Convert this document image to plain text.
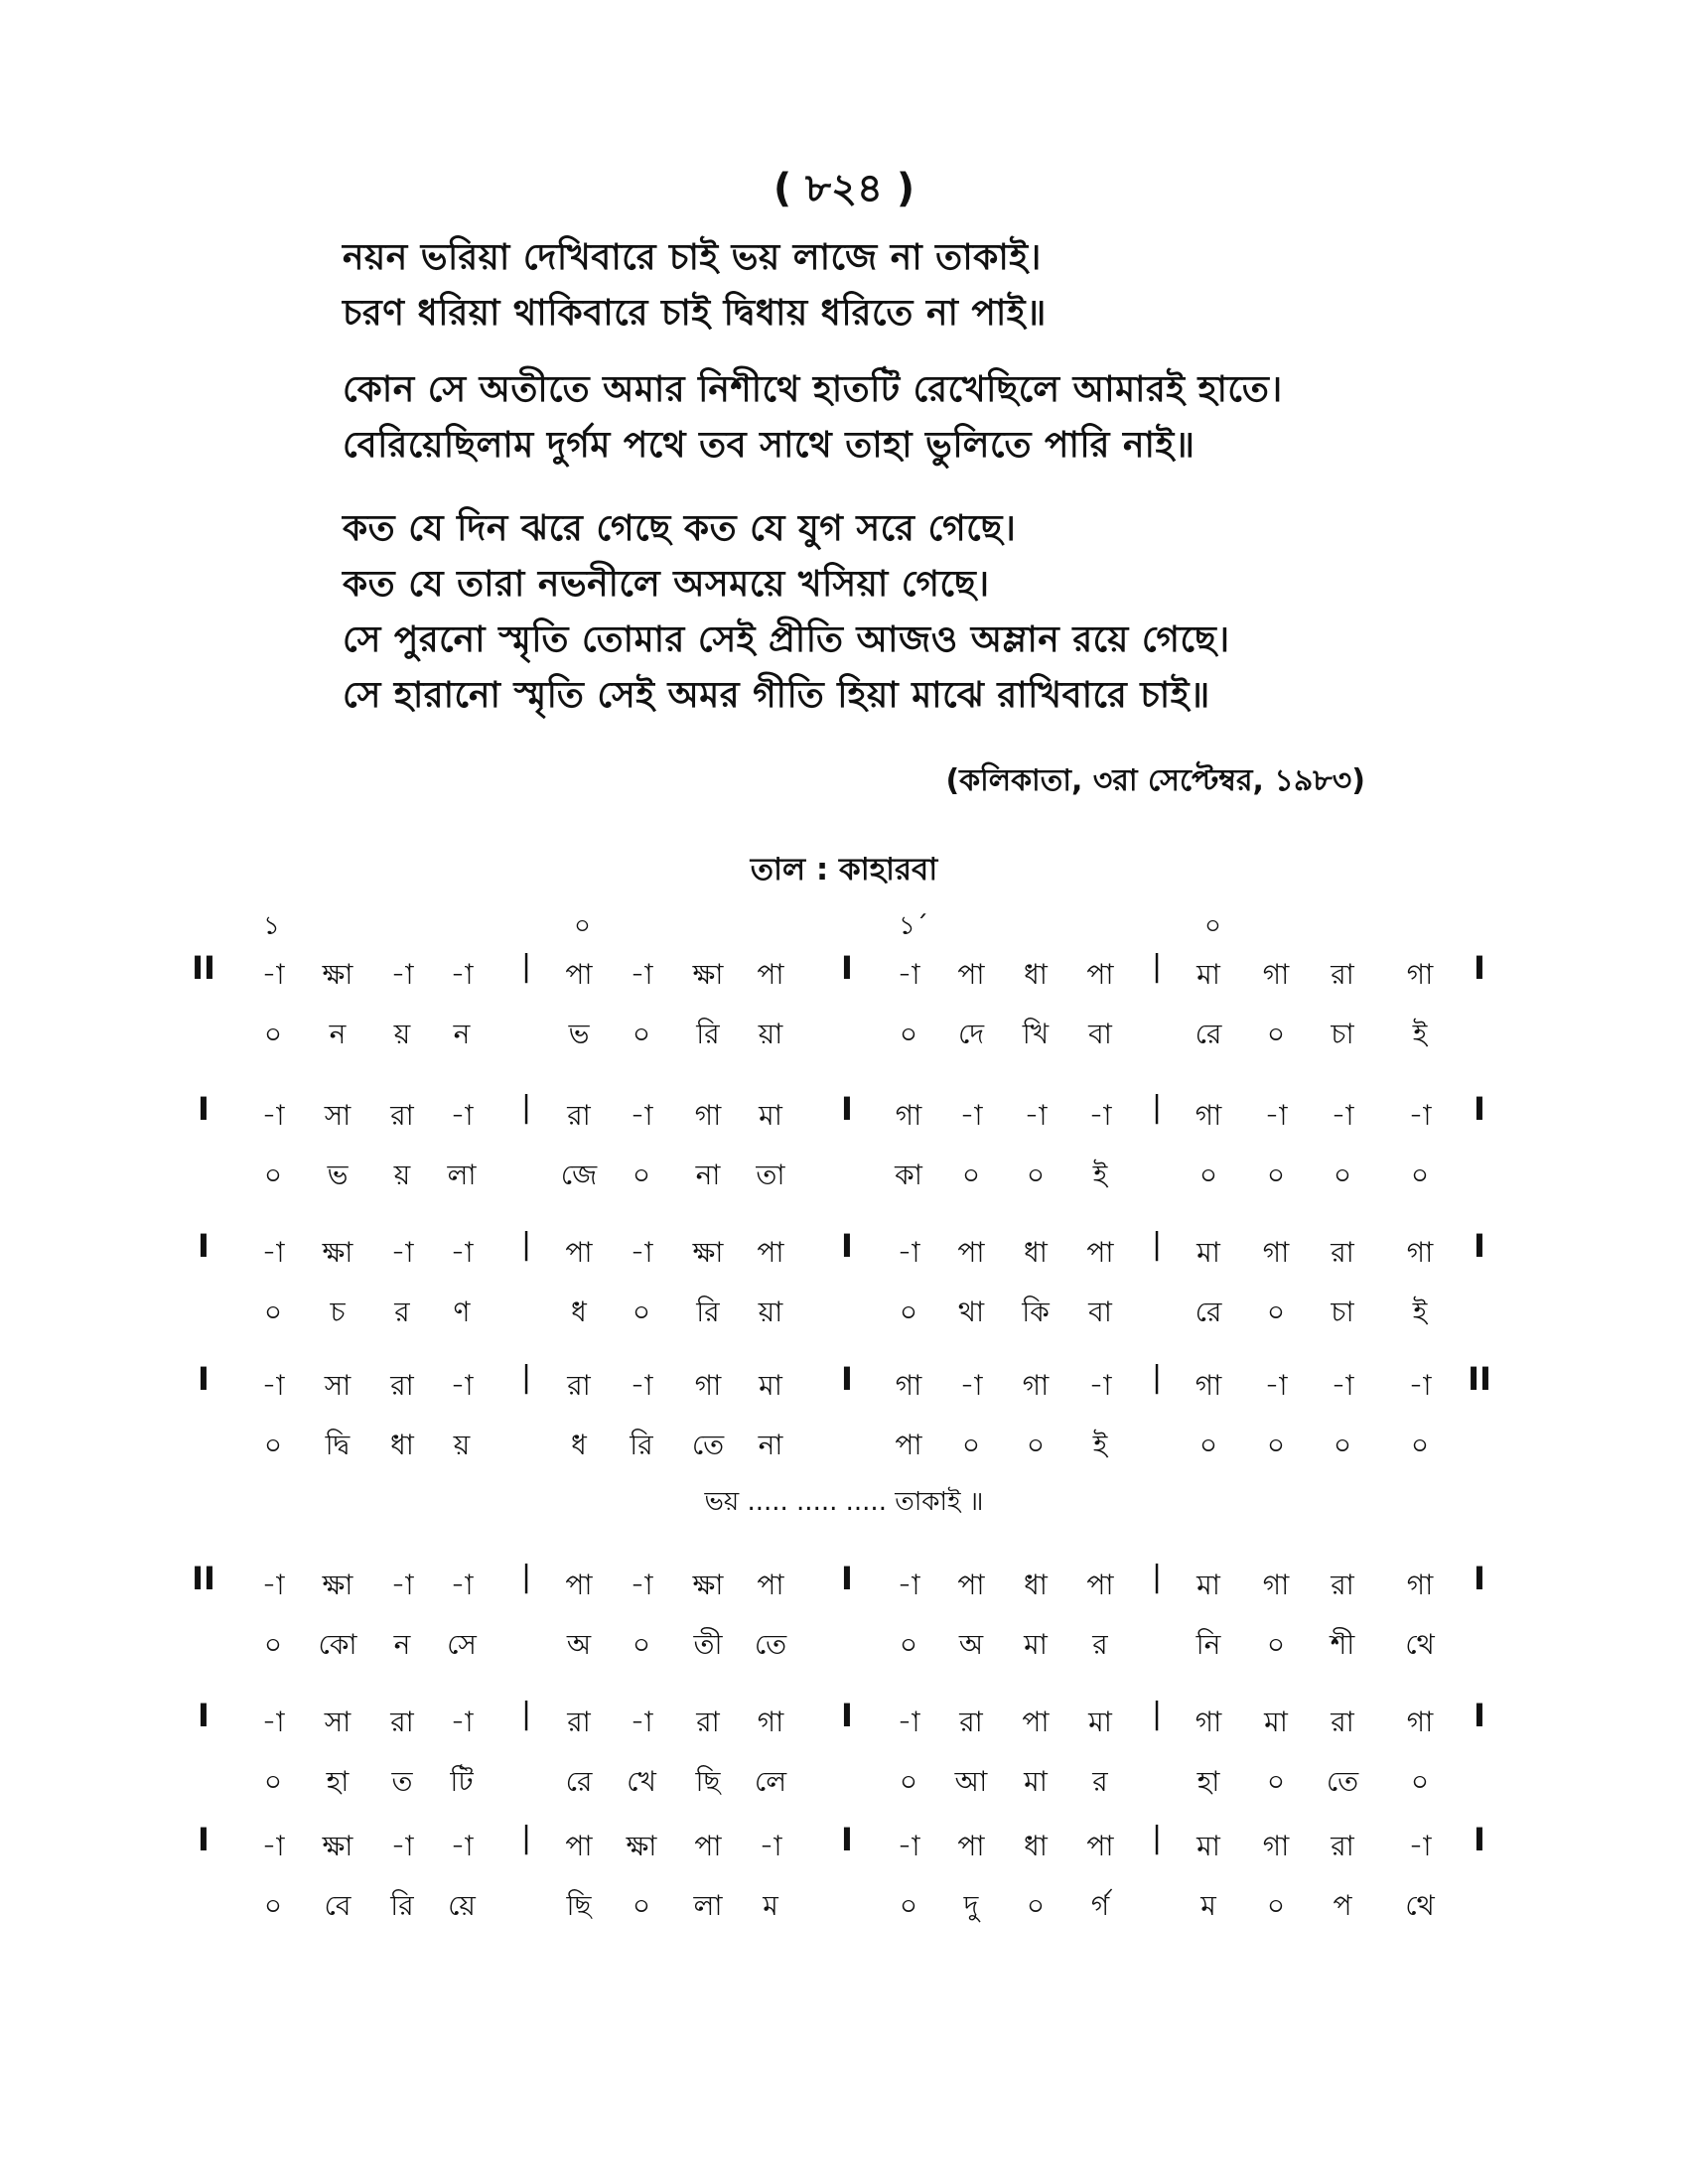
( ৮২৪ )
নয়ন ভরিয়া দেখিবারে চাই ভয় লাজে না তাকাই।
চরণ ধরিয়া থাকিবারে চাই দ্বিধায় ধরিতে না পাই॥
কোন সে অতীতে অমার নিশীথে হাতটি রেখেছিলে আমারই হাতে।
বেরিয়েছিলাম দুর্গম পথে তব সাথে তাহা ভুলিতে পারি নাই॥
কত যে দিন ঝরে গেছে কত যে যুগ সরে গেছে।
কত যে তারা নভনীলে অসময়ে খসিয়া গেছে।
সে পুরনো স্মৃতি তোমার সেই প্রীতি আজও অম্লান রয়ে গেছে।
সে হারানো স্মৃতি সেই অমর গীতি হিয়া মাঝে রাখিবারে চাই॥
(কলিকাতা, ৩রা সেপ্টেম্বর, ১৯৮৩)
তাল : কাহারবা
১	০	১´	০
-া	ক্ষা	-া	-া	পা	-া	ক্ষা	পা	-া	পা	ধা	পা	মা	গা	রা	গা
০	ন	য়	ন	ভ	০	রি	য়া	০	দে	খি	বা	রে	০	চা	ই
II	|	I	|	I
-া	সা	রা	-া	রা	-া	গা	মা	গা	-া	-া	-া	গা	-া	-া	-া
০	ভ	য়	লা	জে	০	না	তা	কা	০	০	ই	০	০	০	০
I	|	I	|	I
-া	ক্ষা	-া	-া	পা	-া	ক্ষা	পা	-া	পা	ধা	পা	মা	গা	রা	গা
০	চ	র	ণ	ধ	০	রি	য়া	০	থা	কি	বা	রে	০	চা	ই
I	|	I	|	I
-া	সা	রা	-া	রা	-া	গা	মা	গা	-া	গা	-া	গা	-া	-া	-া
০	দ্বি	ধা	য়	ধ	রি	তে	না	পা	০	০	ই	০	০	০	০
I	|	I	|	II
-া	ক্ষা	-া	-া	পা	-া	ক্ষা	পা	-া	পা	ধা	পা	মা	গা	রা	গা
০	কো	ন	সে	অ	০	তী	তে	০	অ	মা	র	নি	০	শী	থে
II	|	I	|	I
-া	সা	রা	-া	রা	-া	রা	গা	-া	রা	পা	মা	গা	মা	রা	গা
০	হা	ত	টি	রে	খে	ছি	লে	০	আ	মা	র	হা	০	তে	০
I	|	I	|	I
-া	ক্ষা	-া	-া	পা	ক্ষা	পা	-া	-া	পা	ধা	পা	মা	গা	রা	-া
০	বে	রি	য়ে	ছি	০	লা	ম	০	দু	০	র্গ	ম	০	প	থে
I	|	I	|	I
ভয় ..... ..... ..... তাকাই ॥
